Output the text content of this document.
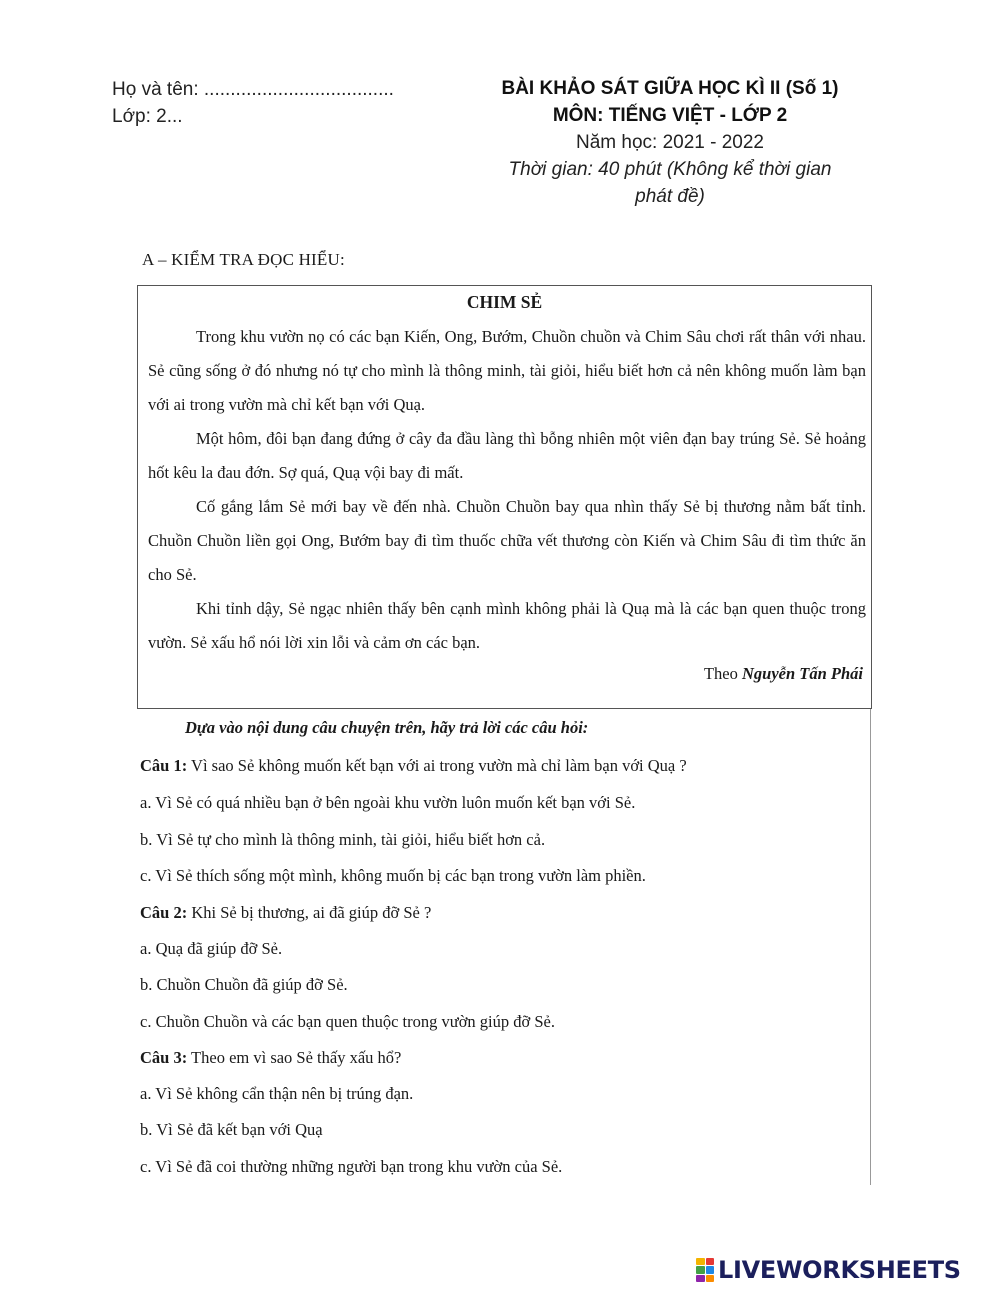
Họ và tên: ....................................
Lớp: 2...
BÀI KHẢO SÁT GIỮA HỌC KÌ II (Số 1)
MÔN: TIẾNG VIỆT - LỚP 2
Năm học: 2021 - 2022
Thời gian: 40 phút (Không kể thời gian
phát đề)
A – KIỂM TRA ĐỌC HIỂU:
CHIM SẺ
Trong khu vườn nọ có các bạn Kiến, Ong, Bướm, Chuồn chuồn và Chim Sâu chơi rất thân với nhau. Sẻ cũng sống ở đó nhưng nó tự cho mình là thông minh, tài giỏi, hiểu biết hơn cả nên không muốn làm bạn với ai trong vườn mà chỉ kết bạn với Quạ.
Một hôm, đôi bạn đang đứng ở cây đa đầu làng thì bỗng nhiên một viên đạn bay trúng Sẻ. Sẻ hoảng hốt kêu la đau đớn. Sợ quá, Quạ vội bay đi mất.
Cố gắng lắm Sẻ mới bay về đến nhà. Chuồn Chuồn bay qua nhìn thấy Sẻ bị thương nằm bất tỉnh. Chuồn Chuồn liền gọi Ong, Bướm bay đi tìm thuốc chữa vết thương còn Kiến và Chim Sâu đi tìm thức ăn cho Sẻ.
Khi tỉnh dậy, Sẻ ngạc nhiên thấy bên cạnh mình không phải là Quạ mà là các bạn quen thuộc trong vườn. Sẻ xấu hổ nói lời xin lỗi và cảm ơn các bạn.
Theo Nguyễn Tấn Phái
Dựa vào nội dung câu chuyện trên, hãy trả lời các câu hỏi:
Câu 1: Vì sao Sẻ không muốn kết bạn với ai trong vườn mà chỉ làm bạn với Quạ ?
a. Vì Sẻ có quá nhiều bạn ở bên ngoài khu vườn luôn muốn kết bạn với Sẻ.
b. Vì Sẻ tự cho mình là thông minh, tài giỏi, hiểu biết hơn cả.
c. Vì Sẻ thích sống một mình, không muốn bị các bạn trong vườn làm phiền.
Câu 2: Khi Sẻ bị thương, ai đã giúp đỡ Sẻ ?
a. Quạ đã giúp đỡ Sẻ.
b. Chuồn Chuồn đã giúp đỡ Sẻ.
c. Chuồn Chuồn và các bạn quen thuộc trong vườn giúp đỡ Sẻ.
Câu 3: Theo em vì sao Sẻ thấy xấu hổ?
a. Vì Sẻ không cẩn thận nên bị trúng đạn.
b. Vì Sẻ đã kết bạn với Quạ
c. Vì Sẻ đã coi thường những người bạn trong khu vườn của Sẻ.
LIVEWORKSHEETS
